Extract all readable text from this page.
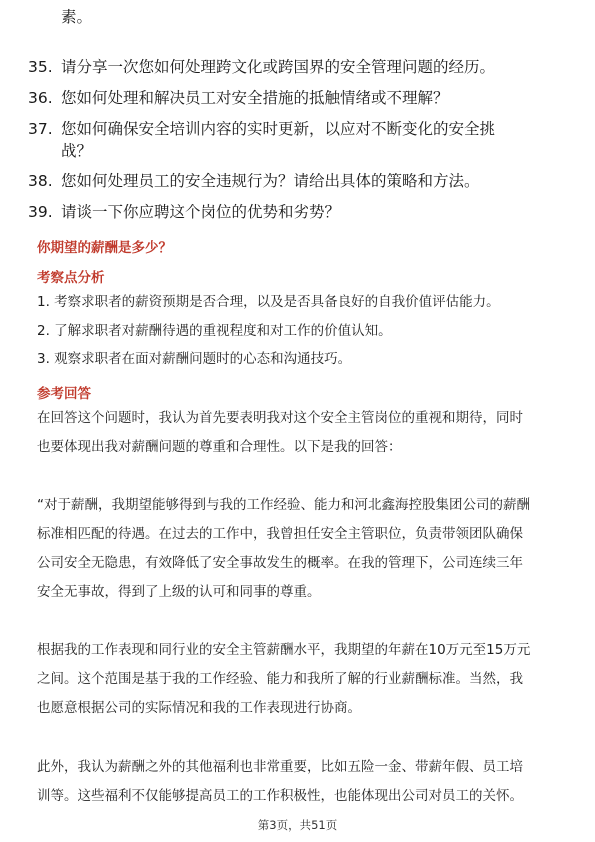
素。
35. 请分享一次您如何处理跨文化或跨国界的安全管理问题的经历。
36. 您如何处理和解决员工对安全措施的抵触情绪或不理解？
37. 您如何确保安全培训内容的实时更新，以应对不断变化的安全挑
战？
38. 您如何处理员工的安全违规行为？请给出具体的策略和方法。
39. 请谈一下你应聘这个岗位的优势和劣势？
你期望的薪酬是多少？
考察点分析
1. 考察求职者的薪资预期是否合理，以及是否具备良好的自我价值评估能力。
2. 了解求职者对薪酬待遇的重视程度和对工作的价值认知。
3. 观察求职者在面对薪酬问题时的心态和沟通技巧。
参考回答
在回答这个问题时，我认为首先要表明我对这个安全主管岗位的重视和期待，同时
也要体现出我对薪酬问题的尊重和合理性。以下是我的回答：
“对于薪酬，我期望能够得到与我的工作经验、能力和河北鑫海控股集团公司的薪酬
标准相匹配的待遇。在过去的工作中，我曾担任安全主管职位，负责带领团队确保
公司安全无隐患，有效降低了安全事故发生的概率。在我的管理下，公司连续三年
安全无事故，得到了上级的认可和同事的尊重。
根据我的工作表现和同行业的安全主管薪酬水平，我期望的年薪在10万元至15万元
之间。这个范围是基于我的工作经验、能力和我所了解的行业薪酬标准。当然，我
也愿意根据公司的实际情况和我的工作表现进行协商。
此外，我认为薪酬之外的其他福利也非常重要，比如五险一金、带薪年假、员工培
训等。这些福利不仅能够提高员工的工作积极性，也能体现出公司对员工的关怀。
第3页，共51页
